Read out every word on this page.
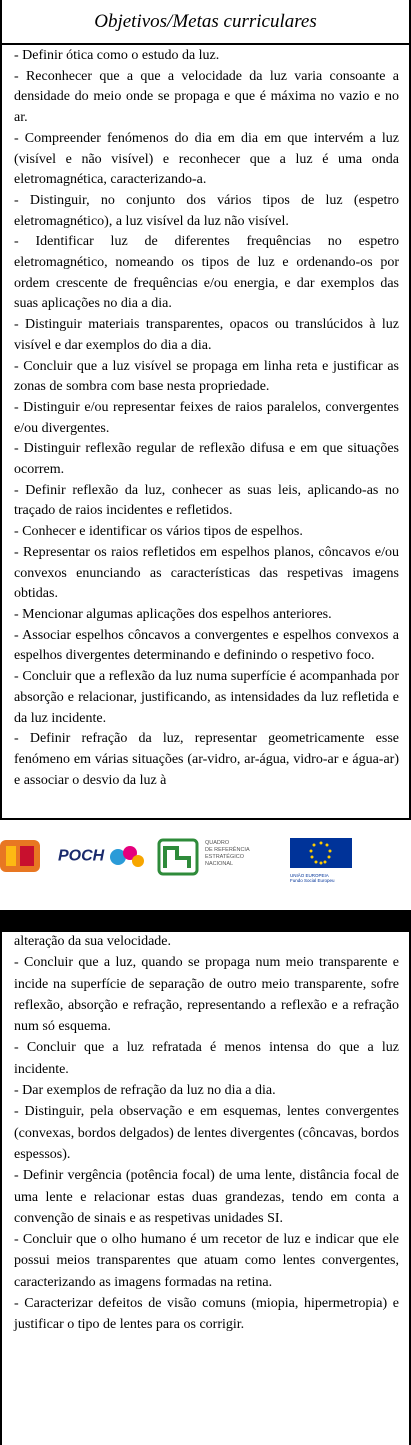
Objetivos/Metas curriculares

- Definir ótica como o estudo da luz.

- Reconhecer que a que a velocidade da luz varia consoante a densidade do meio onde se propaga e que é máxima no vazio e no ar.

- Compreender fenómenos do dia em dia em que intervém a luz (visível e não visível) e reconhecer que a luz é uma onda eletromagnética, caracterizando-a.

- Distinguir, no conjunto dos vários tipos de luz (espetro eletromagnético), a luz visível da luz não visível.

- Identificar luz de diferentes frequências no espetro eletromagnético, nomeando os tipos de luz e ordenando-os por ordem crescente de frequências e/ou energia, e dar exemplos das suas aplicações no dia a dia.

- Distinguir materiais transparentes, opacos ou translúcidos à luz visível e dar exemplos do dia a dia.

- Concluir que a luz visível se propaga em linha reta e justificar as zonas de sombra com base nesta propriedade.

- Distinguir e/ou representar feixes de raios paralelos, convergentes e/ou divergentes.

- Distinguir reflexão regular de reflexão difusa e em que situações ocorrem.

- Definir reflexão da luz, conhecer as suas leis, aplicando-as no traçado de raios incidentes e refletidos.

- Conhecer e identificar os vários tipos de espelhos.

- Representar os raios refletidos em espelhos planos, côncavos e/ou convexos enunciando as características das respetivas imagens obtidas.

- Mencionar algumas aplicações dos espelhos anteriores.

- Associar espelhos côncavos a convergentes e espelhos convexos a espelhos divergentes determinando e definindo o respetivo foco.

- Concluir que a reflexão da luz numa superfície é acompanhada por absorção e relacionar, justificando, as intensidades da luz refletida e da luz incidente.

- Definir refração da luz, representar geometricamente esse fenómeno em várias situações (ar-vidro, ar-água, vidro-ar e água-ar) e associar o desvio da luz à

POCH
QUADRO
DE REFERÊNCIA
ESTRATÉGICO
NACIONAL
UNIÃO EUROPEIA
Fundo Social Europeu

alteração da sua velocidade.

- Concluir que a luz, quando se propaga num meio transparente e incide na superfície de separação de outro meio transparente, sofre reflexão, absorção e refração, representando a reflexão e a refração num só esquema.

- Concluir que a luz refratada é menos intensa do que a luz incidente.

- Dar exemplos de refração da luz no dia a dia.

- Distinguir, pela observação e em esquemas, lentes convergentes (convexas, bordos delgados) de lentes divergentes (côncavas, bordos espessos).

- Definir vergência (potência focal) de uma lente, distância focal de uma lente e relacionar estas duas grandezas, tendo em conta a convenção de sinais e as respetivas unidades SI.

- Concluir que o olho humano é um recetor de luz e indicar que ele possui meios transparentes que atuam como lentes convergentes, caracterizando as imagens formadas na retina.

- Caracterizar defeitos de visão comuns (miopia, hipermetropia) e justificar o tipo de lentes para os corrigir.
